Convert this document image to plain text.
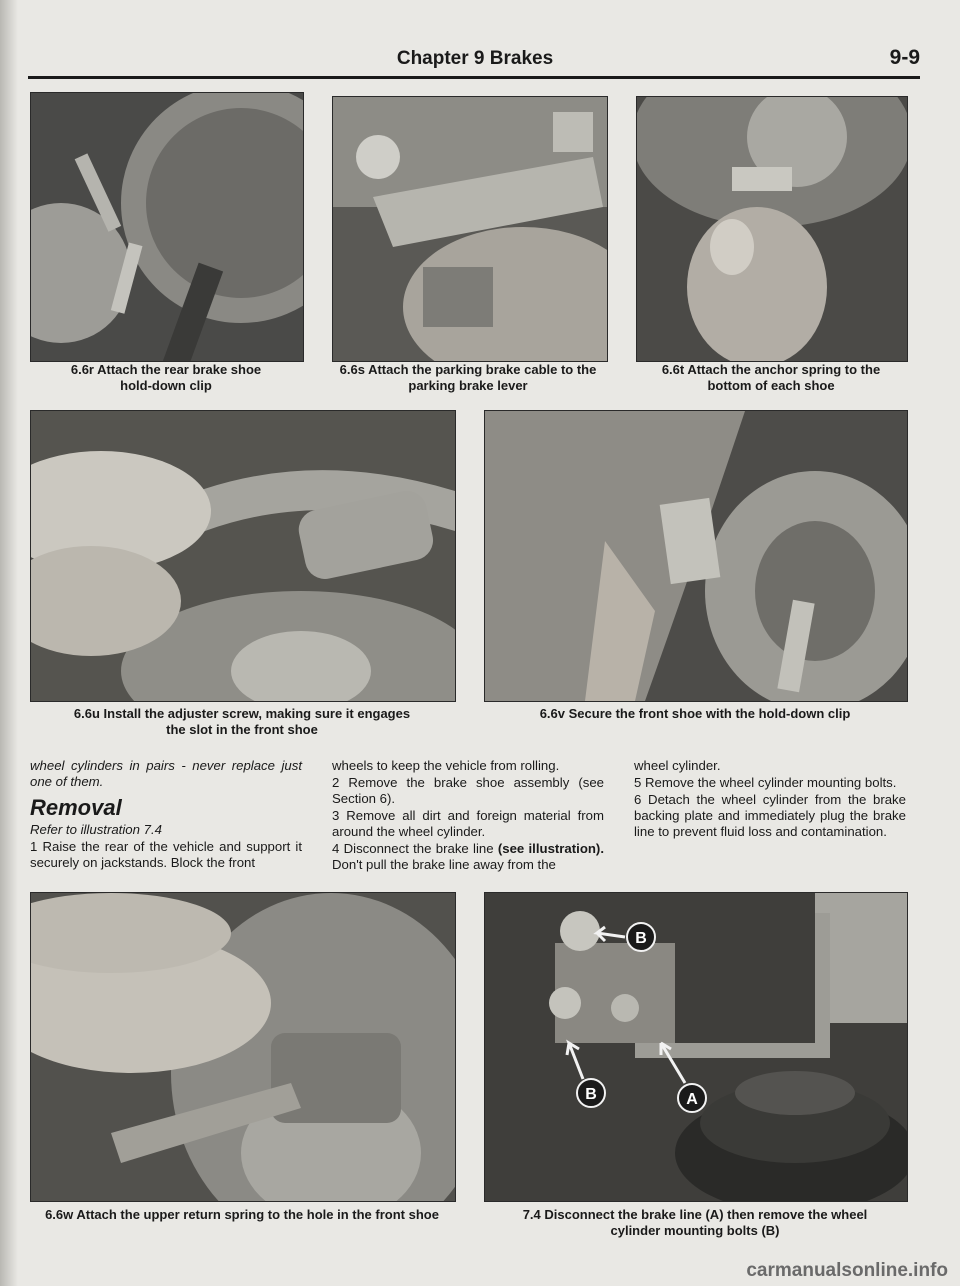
Chapter 9 Brakes	9-9
6.6r Attach the rear brake shoe
hold-down clip
6.6s Attach the parking brake cable to the
parking brake lever
6.6t Attach the anchor spring to the
bottom of each shoe
6.6u Install the adjuster screw, making sure it engages
the slot in the front shoe
6.6v Secure the front shoe with the hold-down clip

wheel cylinders in pairs - never replace just one of them.

Removal

Refer to illustration 7.4

1 Raise the rear of the vehicle and support it securely on jackstands. Block the front

wheels to keep the vehicle from rolling.

2 Remove the brake shoe assembly (see Section 6).

3 Remove all dirt and foreign material from around the wheel cylinder.

4 Disconnect the brake line (see illustration). Don't pull the brake line away from the

wheel cylinder.

5 Remove the wheel cylinder mounting bolts.

6 Detach the wheel cylinder from the brake backing plate and immediately plug the brake line to prevent fluid loss and contamination.

6.6w Attach the upper return spring to the hole in the front shoe
B
B	A
7.4 Disconnect the brake line (A) then remove the wheel
cylinder mounting bolts (B)
carmanualsonline.info
